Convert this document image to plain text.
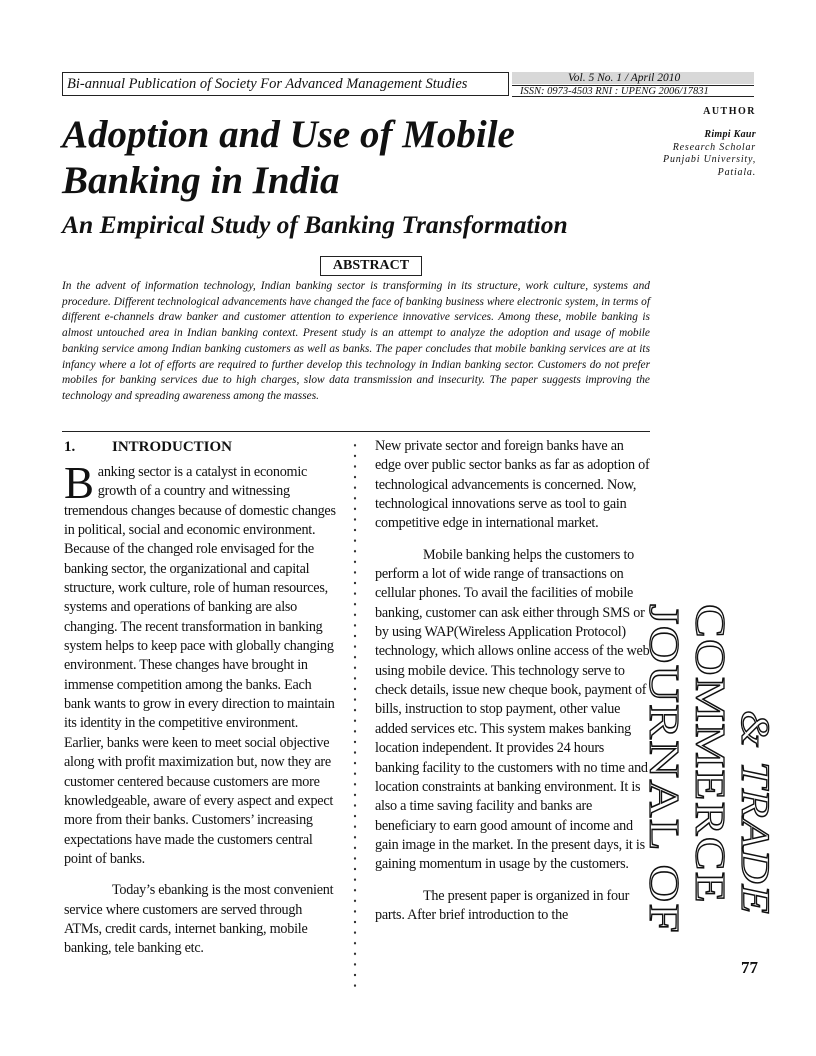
Bi-annual Publication of Society For Advanced Management Studies	Vol. 5 No. 1 / April 2010
ISSN: 0973-4503 RNI : UPENG 2006/17831
AUTHOR
Rimpi Kaur
Research Scholar
Punjabi University,
Patiala.
Adoption and Use of Mobile Banking in India
An Empirical Study of Banking Transformation
ABSTRACT

In the advent of information technology, Indian banking sector is transforming in its structure, work culture, systems and procedure. Different technological advancements have changed the face of banking business where electronic system, in terms of different e-channels draw banker and customer attention to experience innovative services. Among these, mobile banking is almost untouched area in Indian banking context. Present study is an attempt to analyze the adoption and usage of mobile banking service among Indian banking customers as well as banks. The paper concludes that mobile banking services are at its infancy where a lot of efforts are required to further develop this technology in Indian banking sector. Customers do not prefer mobiles for banking services due to high charges, slow data transmission and insecurity. The paper suggests improving the technology and spreading awareness among the masses.

1. INTRODUCTION

Banking sector is a catalyst in economic growth of a country and witnessing tremendous changes because of domestic changes in political, social and economic environment. Because of the changed role envisaged for the banking sector, the organizational and capital structure, work culture, role of human resources, systems and operations of banking are also changing. The recent transformation in banking system helps to keep pace with globally changing environment. These changes have brought in immense competition among the banks. Each bank wants to grow in every direction to maintain its identity in the competitive environment. Earlier, banks were keen to meet social objective along with profit maximization but, now they are customer centered because customers are more knowledgeable, aware of every aspect and expect more from their banks. Customers’ increasing expectations have made the customers central point of banks.

Today’s ebanking is the most convenient service where customers are served through ATMs, credit cards, internet banking, mobile banking, tele banking etc.

New private sector and foreign banks have an edge over public sector banks as far as adoption of technological advancements is concerned. Now, technological innovations serve as tool to gain competitive edge in international market.

Mobile banking helps the customers to perform a lot of wide range of transactions on cellular phones. To avail the facilities of mobile banking, customer can ask either through SMS or by using WAP(Wireless Application Protocol) technology, which allows online access of the web using mobile device. This technology serve to check details, issue new cheque book, payment of bills, instruction to stop payment, other value added services etc. This system makes banking location independent. It provides 24 hours banking facility to the customers with no time and location constraints at banking environment. It is also a time saving facility and banks are beneficiary to earn good amount of income and gain image in the market. In the present days, it is gaining momentum in usage by the customers.

The present paper is organized in four parts. After brief introduction to the

JOURNAL OF COMMERCE & TRADE
77
